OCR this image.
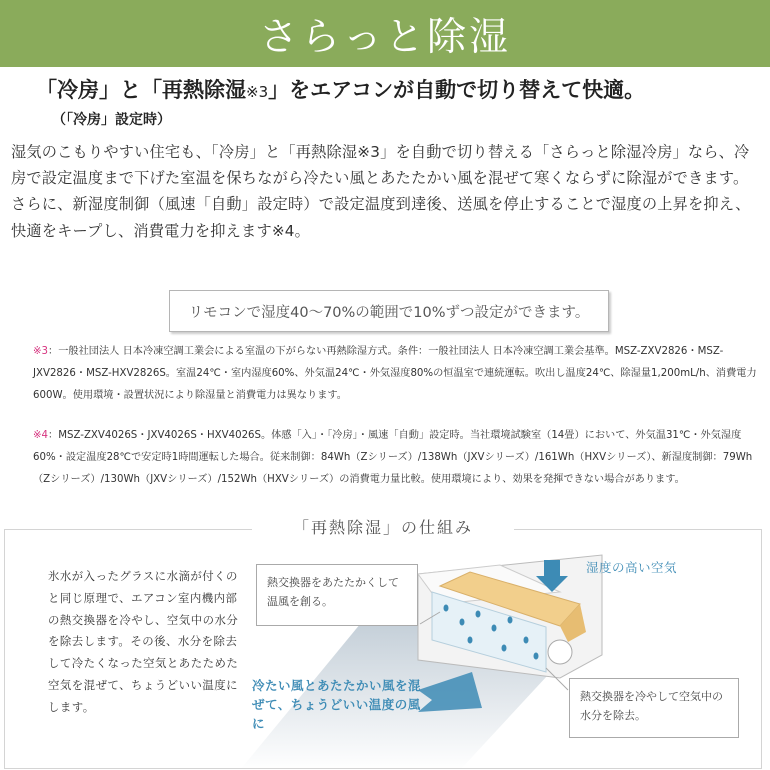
さらっと除湿
「冷房」と「再熱除湿※3」をエアコンが自動で切り替えて快適。
（「冷房」設定時）

湿気のこもりやすい住宅も、「冷房」と「再熱除湿※3」を自動で切り替える「さらっと除湿冷房」なら、冷房で設定温度まで下げた室温を保ちながら冷たい風とあたたかい風を混ぜて寒くならずに除湿ができます。

さらに、新湿度制御（風速「自動」設定時）で設定温度到達後、送風を停止することで湿度の上昇を抑え、快適をキープし、消費電力を抑えます※4。

リモコンで湿度40〜70%の範囲で10%ずつ設定ができます。
※3：一般社団法人 日本冷凍空調工業会による室温の下がらない再熱除湿方式。条件：一般社団法人 日本冷凍空調工業会基準。MSZ-ZXV2826・MSZ-JXV2826・MSZ-HXV2826S。室温24℃・室内湿度60%、外気温24℃・外気湿度80%の恒温室で連続運転。吹出し温度24℃、除湿量1,200mL/h、消費電力600W。使用環境・設置状況により除湿量と消費電力は異なります。
※4：MSZ-ZXV4026S・JXV4026S・HXV4026S。体感「入」・「冷房」・風速「自動」設定時。当社環境試験室（14畳）において、外気温31℃・外気湿度60%・設定温度28℃で安定時1時間運転した場合。従来制御：84Wh（Zシリーズ）/138Wh（JXVシリーズ）/161Wh（HXVシリーズ）、新湿度制御：79Wh（Zシリーズ）/130Wh（JXVシリーズ）/152Wh（HXVシリーズ）の消費電力量比較。使用環境により、効果を発揮できない場合があります。
「再熱除湿」の仕組み
氷水が入ったグラスに水滴が付くのと同じ原理で、エアコン室内機内部の熱交換器を冷やし、空気中の水分を除去します。その後、水分を除去して冷たくなった空気とあたためた空気を混ぜて、ちょうどいい温度にします。
湿度の高い空気
熱交換器をあたたかくして温風を創る。
熱交換器を冷やして空気中の水分を除去。
冷たい風とあたたかい風を混ぜて、ちょうどいい温度の風に
